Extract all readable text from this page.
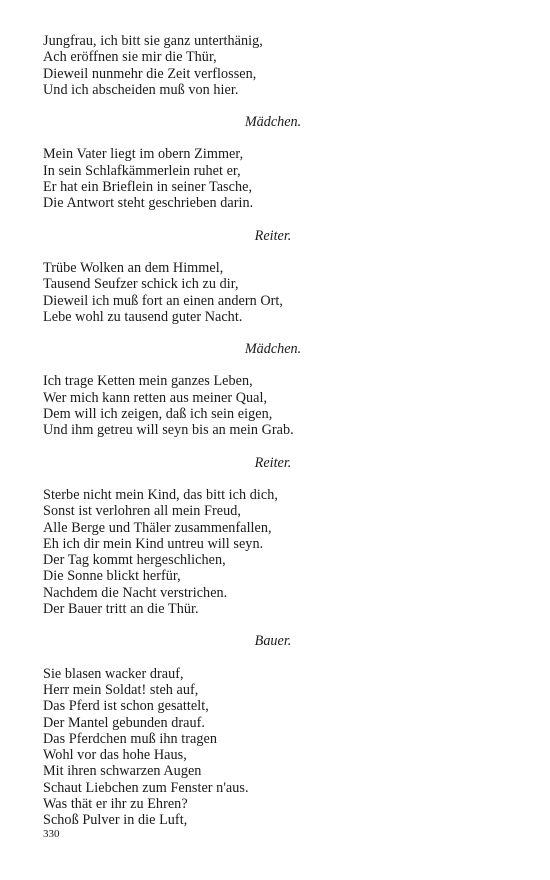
Jungfrau, ich bitt sie ganz unterthänig,
Ach eröffnen sie mir die Thür,
Dieweil nunmehr die Zeit verflossen,
Und ich abscheiden muß von hier.
Mädchen.
Mein Vater liegt im obern Zimmer,
In sein Schlafkämmerlein ruhet er,
Er hat ein Brieflein in seiner Tasche,
Die Antwort steht geschrieben darin.
Reiter.
Trübe Wolken an dem Himmel,
Tausend Seufzer schick ich zu dir,
Dieweil ich muß fort an einen andern Ort,
Lebe wohl zu tausend guter Nacht.
Mädchen.
Ich trage Ketten mein ganzes Leben,
Wer mich kann retten aus meiner Qual,
Dem will ich zeigen, daß ich sein eigen,
Und ihm getreu will seyn bis an mein Grab.
Reiter.
Sterbe nicht mein Kind, das bitt ich dich,
Sonst ist verlohren all mein Freud,
Alle Berge und Thäler zusammenfallen,
Eh ich dir mein Kind untreu will seyn.
Der Tag kommt hergeschlichen,
Die Sonne blickt herfür,
Nachdem die Nacht verstrichen.
Der Bauer tritt an die Thür.
Bauer.
Sie blasen wacker drauf,
Herr mein Soldat! steh auf,
Das Pferd ist schon gesattelt,
Der Mantel gebunden drauf.
Das Pferdchen muß ihn tragen
Wohl vor das hohe Haus,
Mit ihren schwarzen Augen
Schaut Liebchen zum Fenster n'aus.
Was thät er ihr zu Ehren?
Schoß Pulver in die Luft,
330
